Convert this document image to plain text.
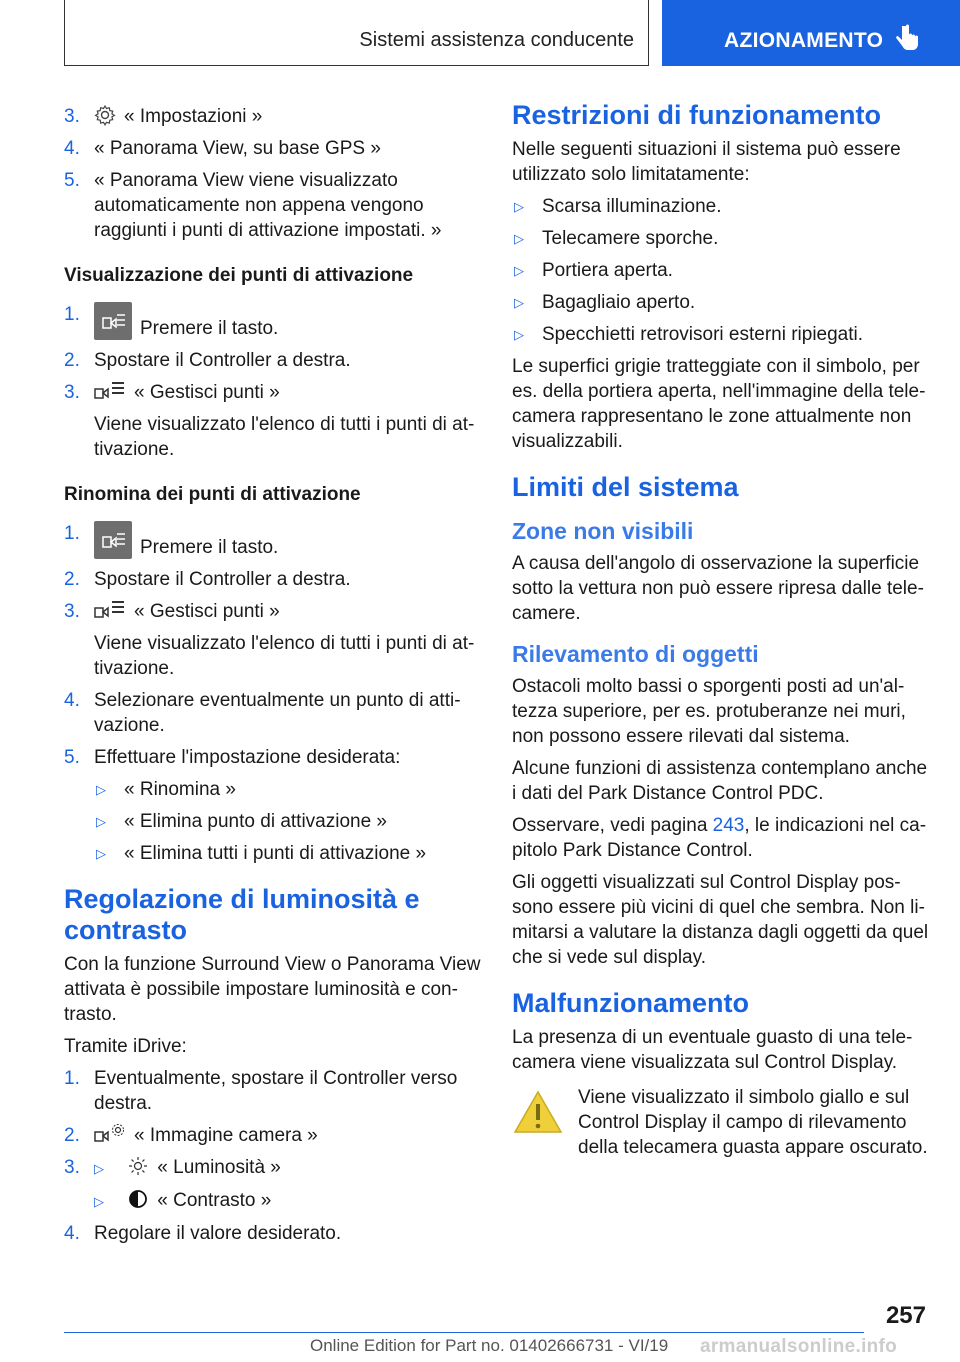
Sistemi assistenza conducente	AZIONAMENTO
3. « Impostazioni »
4. « Panorama View, su base GPS »
5. « Panorama View viene visualizzato automaticamente non appena vengono raggiunti i punti di attivazione impostati. »
Visualizzazione dei punti di attivazione
1.
Premere il tasto.
2. Spostare il Controller a destra.
3.	« Gestisci punti »
Viene visualizzato l'elenco di tutti i punti di at- tivazione.
Rinomina dei punti di attivazione
1.
Premere il tasto.
2. Spostare il Controller a destra.
3.	« Gestisci punti »
Viene visualizzato l'elenco di tutti i punti di at- tivazione.
4. Selezionare eventualmente un punto di atti- vazione.
5. Effettuare l'impostazione desiderata:
▷ « Rinomina »
▷ « Elimina punto di attivazione »
▷ « Elimina tutti i punti di attivazione »
Regolazione di luminosità e contrasto
Con la funzione Surround View o Panorama View attivata è possibile impostare luminosità e con- trasto.
Tramite iDrive:
1. Eventualmente, spostare il Controller verso destra.
2.	« Immagine camera »
3. ▷	« Luminosità »
▷	« Contrasto »
4. Regolare il valore desiderato.
Restrizioni di funzionamento
Nelle seguenti situazioni il sistema può essere utilizzato solo limitatamente:
▷ Scarsa illuminazione.
▷ Telecamere sporche.
▷ Portiera aperta.
▷ Bagagliaio aperto.
▷ Specchietti retrovisori esterni ripiegati.
Le superfici grigie tratteggiate con il simbolo, per es. della portiera aperta, nell'immagine della tele- camera rappresentano le zone attualmente non visualizzabili.
Limiti del sistema
Zone non visibili
A causa dell'angolo di osservazione la superficie sotto la vettura non può essere ripresa dalle tele- camere.
Rilevamento di oggetti
Ostacoli molto bassi o sporgenti posti ad un'al- tezza superiore, per es. protuberanze nei muri, non possono essere rilevati dal sistema.
Alcune funzioni di assistenza contemplano anche i dati del Park Distance Control PDC.
Osservare, vedi pagina 243, le indicazioni nel ca- pitolo Park Distance Control.
Gli oggetti visualizzati sul Control Display pos- sono essere più vicini di quel che sembra. Non li- mitarsi a valutare la distanza dagli oggetti da quel che si vede sul display.
Malfunzionamento
La presenza di un eventuale guasto di una tele- camera viene visualizzata sul Control Display.
Viene visualizzato il simbolo giallo e sul Control Display il campo di rilevamento della telecamera guasta appare oscurato.
257
Online Edition for Part no. 01402666731 - VI/19 armanualsonline.info
